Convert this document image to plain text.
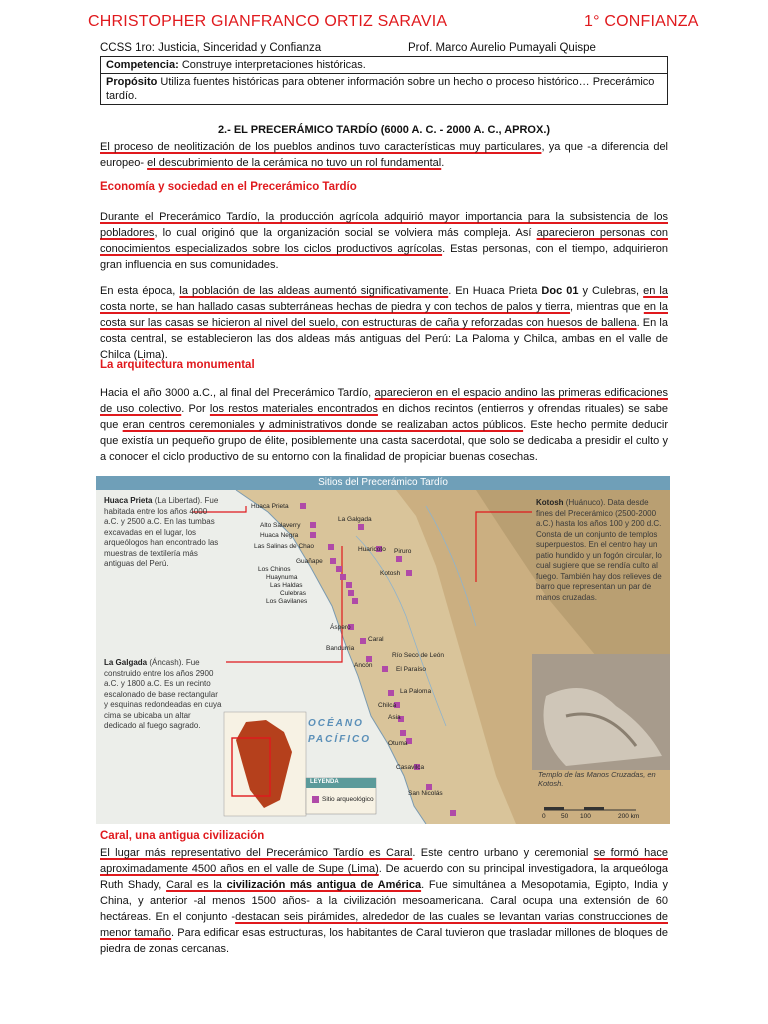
CHRISTOPHER GIANFRANCO ORTIZ SARAVIA	1° CONFIANZA
CCSS 1ro: Justicia, Sinceridad y Confianza	Prof. Marco Aurelio Pumayali Quispe
Competencia: Construye interpretaciones históricas.
Propósito Utiliza fuentes históricas para obtener información sobre un hecho o proceso histórico… Precerámico tardío.
2.- EL PRECERÁMICO TARDÍO (6000 A. C. - 2000 A. C., APROX.)

El proceso de neolitización de los pueblos andinos tuvo características muy particulares, ya que -a diferencia del europeo- el descubrimiento de la cerámica no tuvo un rol fundamental.

Economía y sociedad en el Precerámico Tardío

Durante el Precerámico Tardío, la producción agrícola adquirió mayor importancia para la subsistencia de los pobladores, lo cual originó que la organización social se volviera más compleja. Así aparecieron personas con conocimientos especializados sobre los ciclos productivos agrícolas. Estas personas, con el tiempo, adquirieron gran influencia en sus comunidades.

En esta época, la población de las aldeas aumentó significativamente. En Huaca Prieta Doc 01 y Culebras, en la costa norte, se han hallado casas subterráneas hechas de piedra y con techos de palos y tierra, mientras que en la costa sur las casas se hicieron al nivel del suelo, con estructuras de caña y reforzadas con huesos de ballena. En la costa central, se establecieron las dos aldeas más antiguas del Perú: La Paloma y Chilca, ambas en el valle de Chilca (Lima).

La arquitectura monumental

Hacia el año 3000 a.C., al final del Precerámico Tardío, aparecieron en el espacio andino las primeras edificaciones de uso colectivo. Por los restos materiales encontrados en dichos recintos (entierros y ofrendas rituales) se sabe que eran centros ceremoniales y administrativos donde se realizaban actos públicos. Este hecho permite deducir que existía un pequeño grupo de élite, posiblemente una casta sacerdotal, que solo se dedicaba a presidir el culto y a conocer el ciclo productivo de su entorno con la finalidad de propiciar buenas cosechas.

Sitios del Precerámico Tardío
Huaca Prieta (La Libertad). Fue habitada entre los años 4000 a.C. y 2500 a.C. En las tumbas excavadas en el lugar, los arqueólogos han encontrado las muestras de textilería más antiguas del Perú.
La Galgada (Áncash). Fue construido entre los años 2900 a.C. y 1800 a.C. Es un recinto escalonado de base rectangular y esquinas redondeadas en cuya cima se ubicaba un altar dedicado al fuego sagrado.
Kotosh (Huánuco). Data desde fines del Precerámico (2500-2000 a.C.) hasta los años 100 y 200 d.C. Consta de un conjunto de templos superpuestos. En el centro hay un patio hundido y un fogón circular, lo cual sugiere que se rendía culto al fuego. También hay dos relieves de barro que representan un par de manos cruzadas.
Templo de las Manos Cruzadas, en Kotosh.
OCÉANO
PACÍFICO
LEYENDA
Sitio arqueológico
0 50 100	200 km
Huaca Prieta
Alto Salaverry
Huaca Negra
Las Salinas de Chao
Guañape
Los Chinos
Huaynuma
Las Haldas
Culebras
Los Gavilanes
La Galgada
Huaricoto Piruro
Kotosh
Áspero
Caral
Bandurria
Río Seco de León
Ancón
El Paraíso
La Paloma
Chilca
Asia
Otuma
Casavilca
San Nicolás
Caral, una antigua civilización

El lugar más representativo del Precerámico Tardío es Caral. Este centro urbano y ceremonial se formó hace aproximadamente 4500 años en el valle de Supe (Lima). De acuerdo con su principal investigadora, la arqueóloga Ruth Shady, Caral es la civilización más antigua de América. Fue simultánea a Mesopotamia, Egipto, India y China, y anterior -al menos 1500 años- a la civilización mesoamericana. Caral ocupa una extensión de 60 hectáreas. En el conjunto -destacan seis pirámides, alrededor de las cuales se levantan varias construcciones de menor tamaño. Para edificar esas estructuras, los habitantes de Caral tuvieron que trasladar millones de bloques de piedra de zonas cercanas.
